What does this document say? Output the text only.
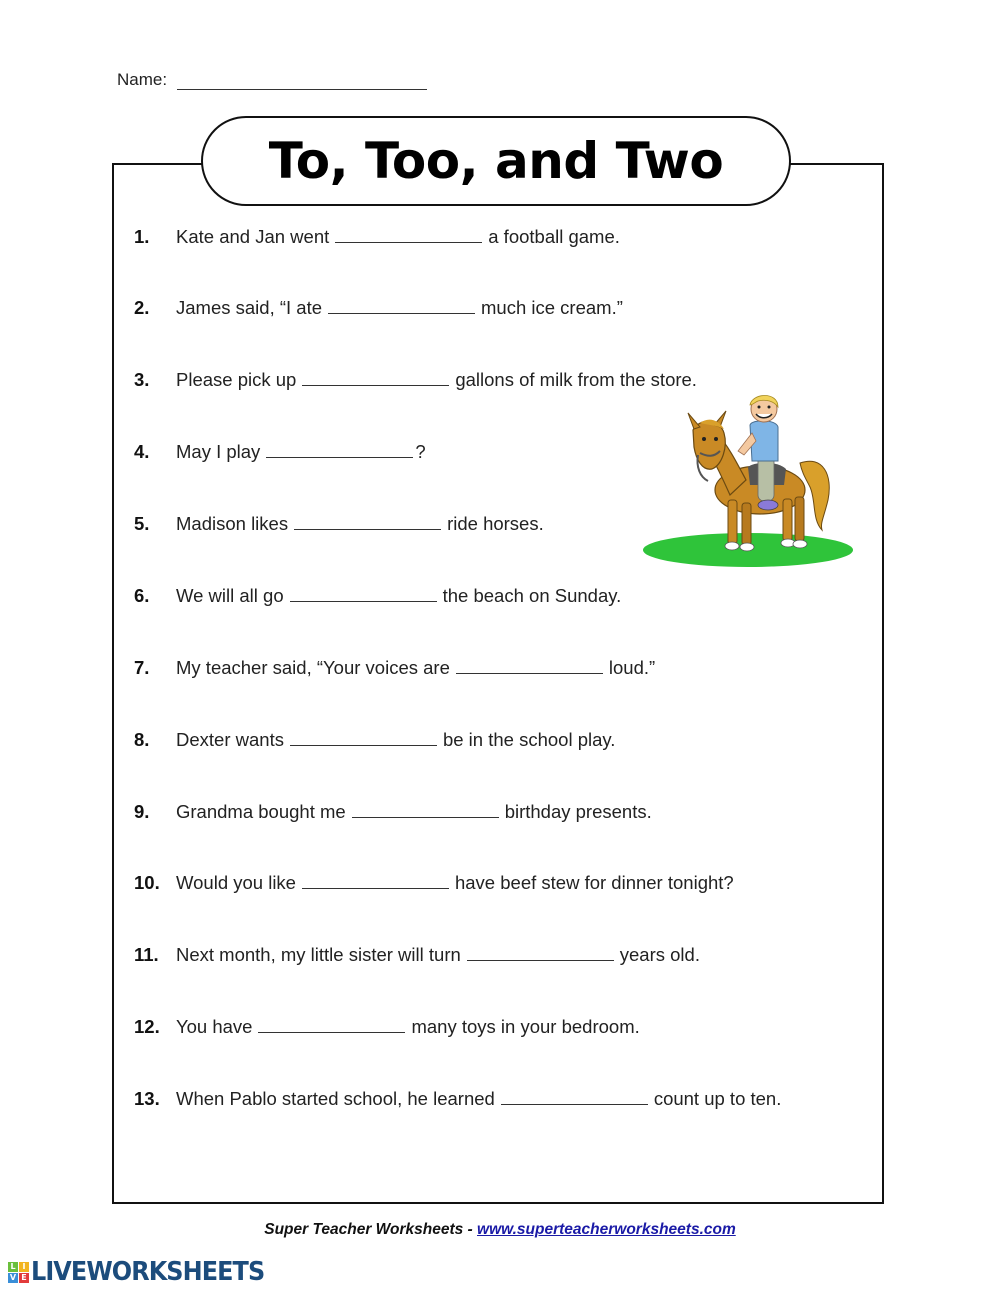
Name:
To, Too, and Two
1.	Kate and Jan went	a football game.
2.	James said, “I ate	much ice cream.”
3.	Please pick up	gallons of milk from the store.
4.	May I play	?
5.	Madison likes	ride horses.
6.	We will all go	the beach on Sunday.
7.	My teacher said, “Your voices are	loud.”
8.	Dexter wants	be in the school play.
9.	Grandma bought me	birthday presents.
10. Would you like	have beef stew for dinner tonight?
11. Next month, my little sister will turn	years old.
12. You have	many toys in your bedroom.
13. When Pablo started school, he learned	count up to ten.
Super Teacher Worksheets - www.superteacherworksheets.com
L I
V E LIVEWORKSHEETS
